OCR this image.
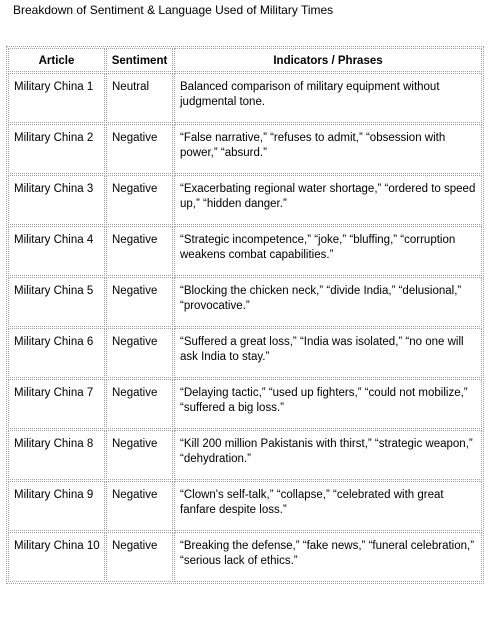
Breakdown of Sentiment & Language Used of Military Times
Article	Sentiment	Indicators / Phrases
Military China 1	Neutral	Balanced comparison of military equipment without judgmental tone.
Military China 2	Negative	“False narrative,” “refuses to admit,” “obsession with power,” “absurd.”
Military China 3	Negative	“Exacerbating regional water shortage,” “ordered to speed up,” “hidden danger.”
Military China 4	Negative	“Strategic incompetence,” “joke,” “bluffing,” “corruption weakens combat capabilities.”
Military China 5	Negative	“Blocking the chicken neck,” “divide India,” “delusional,” “provocative.”
Military China 6	Negative	“Suffered a great loss,” “India was isolated,” “no one will ask India to stay.”
Military China 7	Negative	“Delaying tactic,” “used up fighters,” “could not mobilize,” “suffered a big loss.”
Military China 8	Negative	“Kill 200 million Pakistanis with thirst,” “strategic weapon,” “dehydration.”
Military China 9	Negative	“Clown's self-talk,” “collapse,” “celebrated with great fanfare despite loss.”
Military China 10	Negative	“Breaking the defense,” “fake news,” “funeral celebration,” “serious lack of ethics.”
